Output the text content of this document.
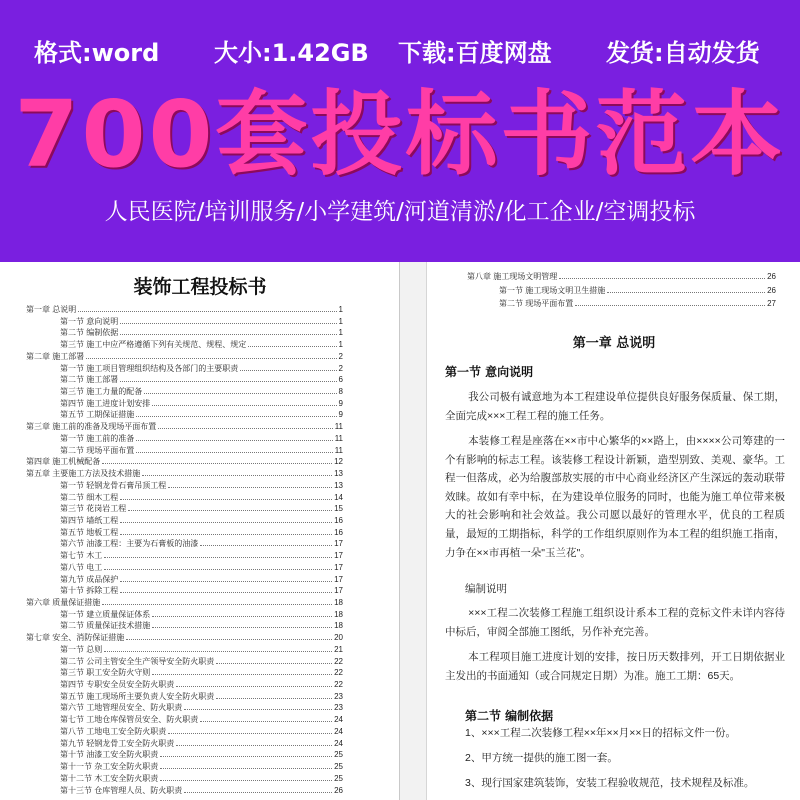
格式:word 大小:1.42GB 下载:百度网盘 发货:自动发货
700套投标书范本
人民医院/培训服务/小学建筑/河道清淤/化工企业/空调投标
装饰工程投标书
第一章 总说明	1
第一节 意向说明	1
第二节 编制依据	1
第三节 施工中应严格遵循下列有关规范、规程、规定	1
第二章 施工部署	2
第一节 施工项目管理组织结构及各部门的主要职责	2
第二节 施工部署	6
第三节 施工力量的配备	8
第四节 施工进度计划安排	9
第五节 工期保证措施	9
第三章 施工前的准备及现场平面布置	11
第一节 施工前的准备	11
第二节 现场平面布置	11
第四章 施工机械配备	12
第五章 主要施工方法及技术措施	13
第一节 轻钢龙骨石膏吊顶工程	13
第二节 细木工程	14
第三节 花岗岩工程	15
第四节 墙纸工程	16
第五节 地板工程	16
第六节 油漆工程：主要为石膏板的油漆	17
第七节 木工	17
第八节 电工	17
第九节 成品保护	17
第十节 拆除工程	17
第六章 质量保证措施	18
第一节 建立质量保证体系	18
第二节 质量保证技术措施	18
第七章 安全、消防保证措施	20
第一节 总则	21
第二节 公司主管安全生产领导安全防火职责	22
第三节 职工安全防火守则	22
第四节 专职安全员安全防火职责	22
第五节 施工现场所主要负责人安全防火职责	23
第六节 工地管理员安全、防火职责	23
第七节 工地仓库保管员安全、防火职责	24
第八节 工地电工安全防火职责	24
第九节 轻钢龙骨工安全防火职责	24
第十节 油漆工安全防火职责	25
第十一节 杂工安全防火职责	25
第十二节 木工安全防火职责	25
第十三节 仓库管理人员、防火职责	26
第八章 施工现场文明管理	26
第一节 施工现场文明卫生措施	26
第二节 现场平面布置	27
第一章 总说明
第一节 意向说明
我公司极有诚意地为本工程建设单位提供良好服务保质量、保工期，全面完成×××工程工程的施工任务。
本装修工程是座落在××市中心繁华的××路上，由××××公司筹建的一个有影响的标志工程。该装修工程设计新颖，造型别致、美观、豪华。工程一但落成，必为给腹部敖实展的市中心商业经济区产生深远的轰动联带效睐。故如有幸中标，在为建设单位服务的同时，也能为施工单位带来极大的社会影响和社会效益。我公司愿以最好的管理水平，优良的工程质量，最短的工期指标，科学的工作组织原则作为本工程的组织施工指南，力争在××市再植一朵"玉兰花"。
编制说明
×××工程二次装修工程施工组织设计系本工程的竞标文件未详内容待中标后，审阅全部施工图纸，另作补充完善。
本工程项目施工进度计划的安排，按日历天数排列，开工日期依据业主发出的书面通知（或合同规定日期）为准。施工工期：65天。
第二节 编制依据
1、×××工程二次装修工程××年××月××日的招标文件一份。
2、甲方统一提供的施工图一套。
3、现行国家建筑装饰，安装工程验收规范，技术规程及标准。
